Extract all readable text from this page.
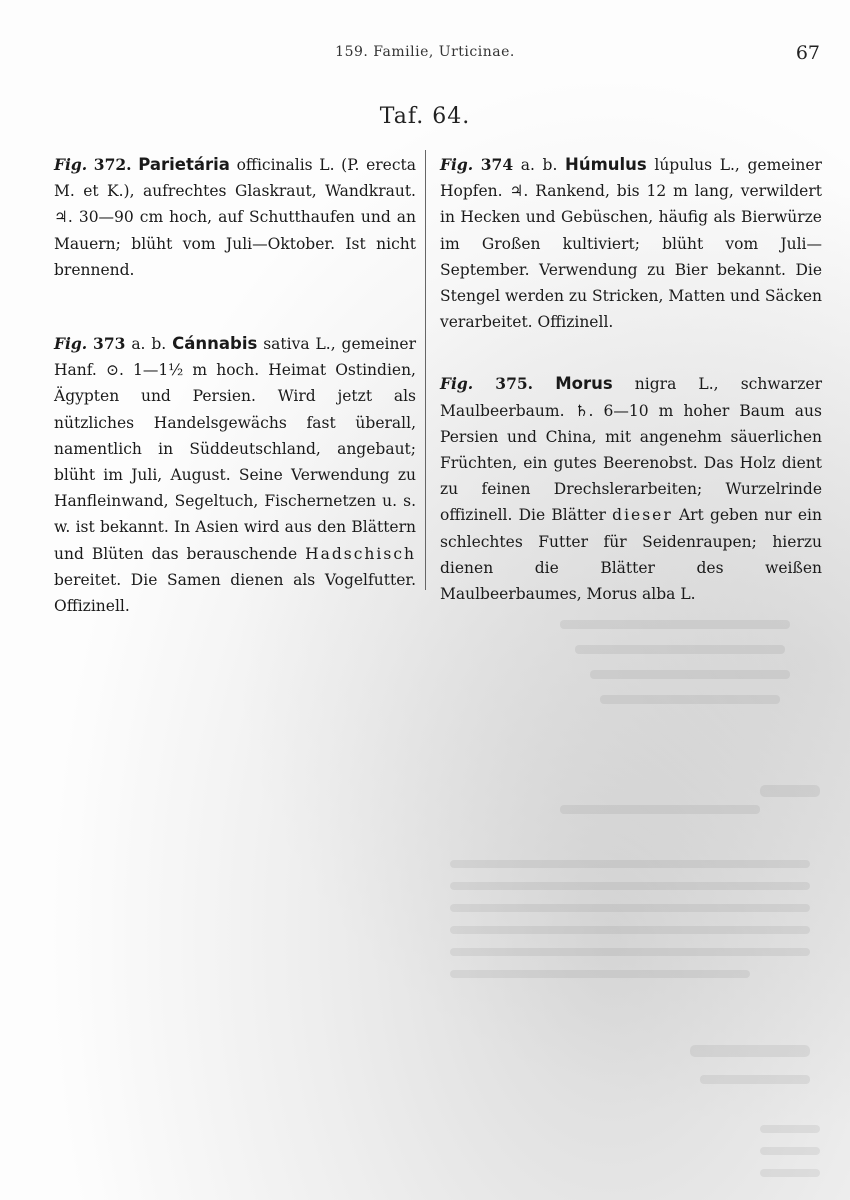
159. Familie, Urticinae.	67
Taf. 64.

Fig. 372. Parietária officinalis L. (P. erecta M. et K.), aufrechtes Glaskraut, Wandkraut. ♃. 30—90 cm hoch, auf Schutthaufen und an Mauern; blüht vom Juli—Oktober. Ist nicht brennend.

Fig. 373 a. b. Cánnabis sativa L., gemeiner Hanf. ⊙. 1—1½ m hoch. Heimat Ostindien, Ägypten und Persien. Wird jetzt als nützliches Handelsgewächs fast überall, namentlich in Süddeutschland, angebaut; blüht im Juli, August. Seine Verwendung zu Hanfleinwand, Segeltuch, Fischernetzen u. s. w. ist bekannt. In Asien wird aus den Blättern und Blüten das berauschende Hadschisch bereitet. Die Samen dienen als Vogelfutter. Offizinell.

Fig. 374 a. b. Húmulus lúpulus L., gemeiner Hopfen. ♃. Rankend, bis 12 m lang, verwildert in Hecken und Gebüschen, häufig als Bierwürze im Großen kultiviert; blüht vom Juli—September. Verwendung zu Bier bekannt. Die Stengel werden zu Stricken, Matten und Säcken verarbeitet. Offizinell.

Fig. 375. Morus nigra L., schwarzer Maulbeerbaum. ♄. 6—10 m hoher Baum aus Persien und China, mit angenehm säuerlichen Früchten, ein gutes Beerenobst. Das Holz dient zu feinen Drechslerarbeiten; Wurzelrinde offizinell. Die Blätter dieser Art geben nur ein schlechtes Futter für Seidenraupen; hierzu dienen die Blätter des weißen Maulbeerbaumes, Morus alba L.
